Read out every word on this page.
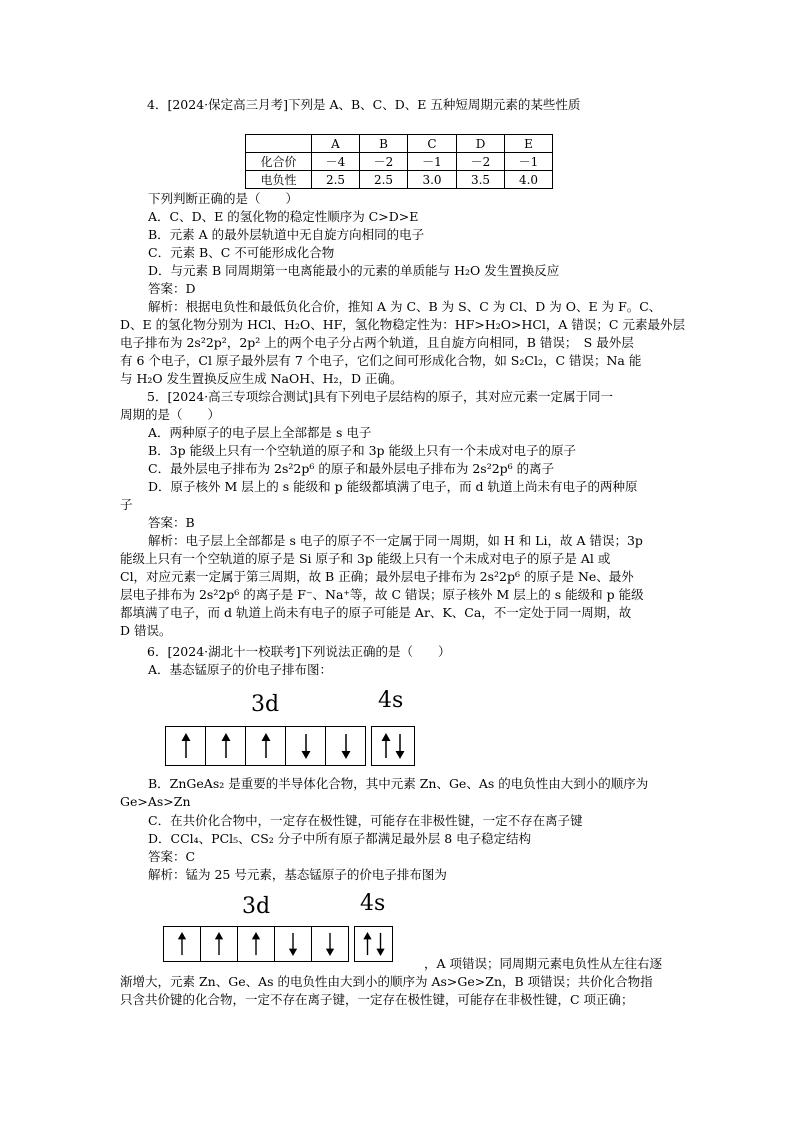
4．[2024·保定高三月考]下列是 A、B、C、D、E 五种短周期元素的某些性质
	A	B	C	D	E
化合价	－4	－2	－1	－2	－1
电负性	2.5	2.5	3.0	3.5	4.0
下列判断正确的是（　　）
A．C、D、E 的氢化物的稳定性顺序为 C>D>E
B．元素 A 的最外层轨道中无自旋方向相同的电子
C．元素 B、C 不可能形成化合物
D．与元素 B 同周期第一电离能最小的元素的单质能与 H₂O 发生置换反应
答案：D
解析：根据电负性和最低负化合价，推知 A 为 C、B 为 S、C 为 Cl、D 为 O、E 为 F。C、
D、E 的氢化物分别为 HCl、H₂O、HF，氢化物稳定性为：HF>H₂O>HCl，A 错误；C 元素最外层
电子排布为 2s²2p²，2p² 上的两个电子分占两个轨道，且自旋方向相同，B 错误；　S 最外层
有 6 个电子，Cl 原子最外层有 7 个电子，它们之间可形成化合物，如 S₂Cl₂，C 错误；Na 能
与 H₂O 发生置换反应生成 NaOH、H₂，D 正确。
5．[2024·高三专项综合测试]具有下列电子层结构的原子，其对应元素一定属于同一
周期的是（　　）
A．两种原子的电子层上全部都是 s 电子
B．3p 能级上只有一个空轨道的原子和 3p 能级上只有一个未成对电子的原子
C．最外层电子排布为 2s²2p⁶ 的原子和最外层电子排布为 2s²2p⁶ 的离子
D．原子核外 M 层上的 s 能级和 p 能级都填满了电子，而 d 轨道上尚未有电子的两种原
子
答案：B
解析：电子层上全部都是 s 电子的原子不一定属于同一周期，如 H 和 Li，故 A 错误；3p
能级上只有一个空轨道的原子是 Si 原子和 3p 能级上只有一个未成对电子的原子是 Al 或
Cl，对应元素一定属于第三周期，故 B 正确；最外层电子排布为 2s²2p⁶ 的原子是 Ne、最外
层电子排布为 2s²2p⁶ 的离子是 F⁻、Na⁺等，故 C 错误；原子核外 M 层上的 s 能级和 p 能级
都填满了电子，而 d 轨道上尚未有电子的原子可能是 Ar、K、Ca，不一定处于同一周期，故
D 错误。
6．[2024·湖北十一校联考]下列说法正确的是（　　）
A．基态锰原子的价电子排布图：
3d	4s
B．ZnGeAs₂ 是重要的半导体化合物，其中元素 Zn、Ge、As 的电负性由大到小的顺序为
Ge>As>Zn
C．在共价化合物中，一定存在极性键，可能存在非极性键，一定不存在离子键
D．CCl₄、PCl₅、CS₂ 分子中所有原子都满足最外层 8 电子稳定结构
答案：C
解析：锰为 25 号元素，基态锰原子的价电子排布图为
3d	4s
，A 项错误；同周期元素电负性从左往右逐
渐增大，元素 Zn、Ge、As 的电负性由大到小的顺序为 As>Ge>Zn，B 项错误；共价化合物指
只含共价键的化合物，一定不存在离子键，一定存在极性键，可能存在非极性键，C 项正确；
